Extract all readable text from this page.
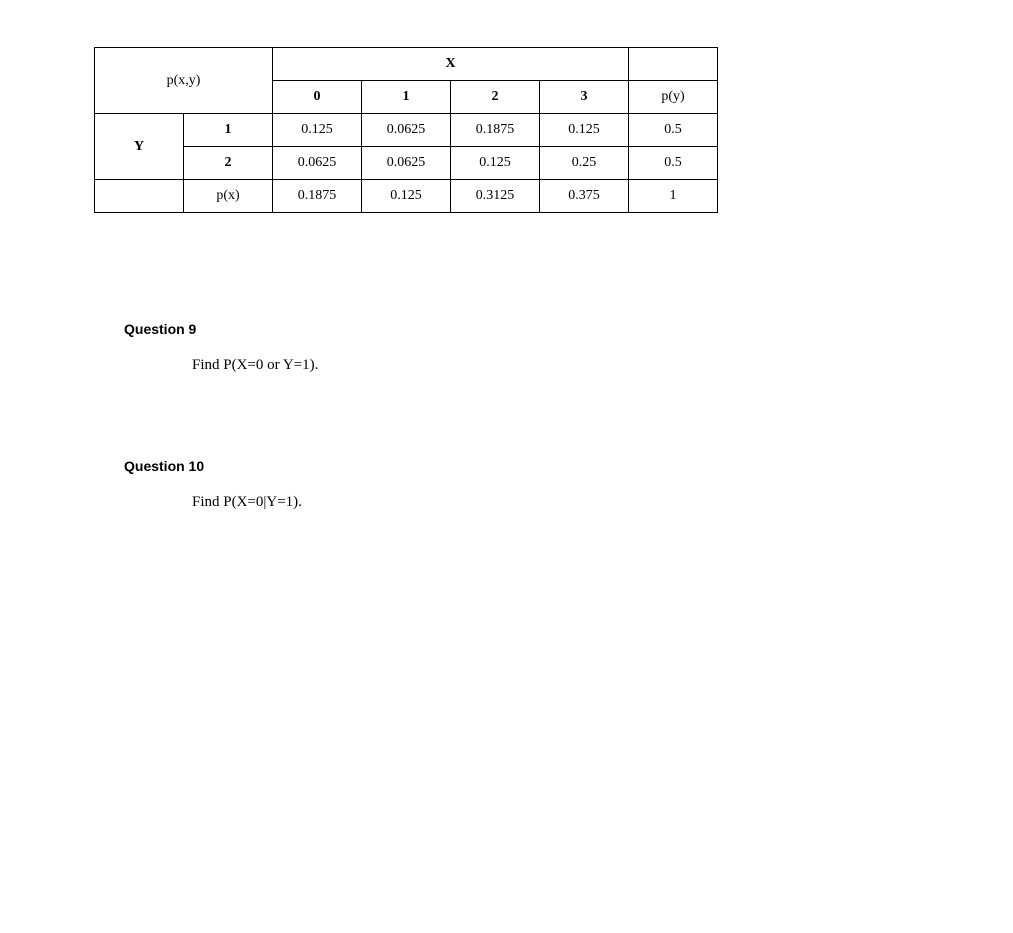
p(x,y)		X				
		0	1	2	3	p(y)
Y	1	0.125	0.0625	0.1875	0.125	0.5
	2	0.0625	0.0625	0.125	0.25	0.5
	p(x)	0.1875	0.125	0.3125	0.375	1
Question 9
Find P(X=0 or Y=1).
Question 10
Find P(X=0|Y=1).
